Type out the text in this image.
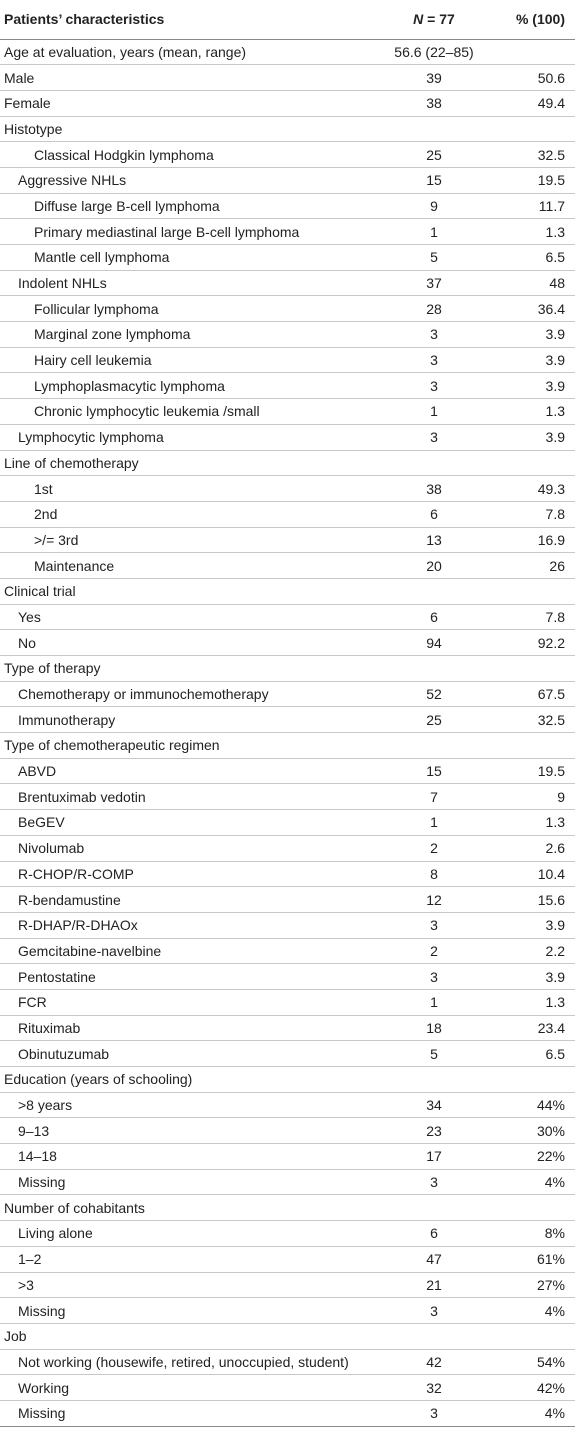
Patients’ characteristics	N = 77	% (100)
Age at evaluation, years (mean, range)	56.6 (22–85)	
Male	39	50.6
Female	38	49.4
Histotype		
Classical Hodgkin lymphoma	25	32.5
Aggressive NHLs	15	19.5
Diffuse large B-cell lymphoma	9	11.7
Primary mediastinal large B-cell lymphoma	1	1.3
Mantle cell lymphoma	5	6.5
Indolent NHLs	37	48
Follicular lymphoma	28	36.4
Marginal zone lymphoma	3	3.9
Hairy cell leukemia	3	3.9
Lymphoplasmacytic lymphoma	3	3.9
Chronic lymphocytic leukemia /small	1	1.3
Lymphocytic lymphoma	3	3.9
Line of chemotherapy		
1st	38	49.3
2nd	6	7.8
>/= 3rd	13	16.9
Maintenance	20	26
Clinical trial		
Yes	6	7.8
No	94	92.2
Type of therapy		
Chemotherapy or immunochemotherapy	52	67.5
Immunotherapy	25	32.5
Type of chemotherapeutic regimen		
ABVD	15	19.5
Brentuximab vedotin	7	9
BeGEV	1	1.3
Nivolumab	2	2.6
R-CHOP/R-COMP	8	10.4
R-bendamustine	12	15.6
R-DHAP/R-DHAOx	3	3.9
Gemcitabine-navelbine	2	2.2
Pentostatine	3	3.9
FCR	1	1.3
Rituximab	18	23.4
Obinutuzumab	5	6.5
Education (years of schooling)		
>8 years	34	44%
9–13	23	30%
14–18	17	22%
Missing	3	4%
Number of cohabitants		
Living alone	6	8%
1–2	47	61%
>3	21	27%
Missing	3	4%
Job		
Not working (housewife, retired, unoccupied, student)	42	54%
Working	32	42%
Missing	3	4%
